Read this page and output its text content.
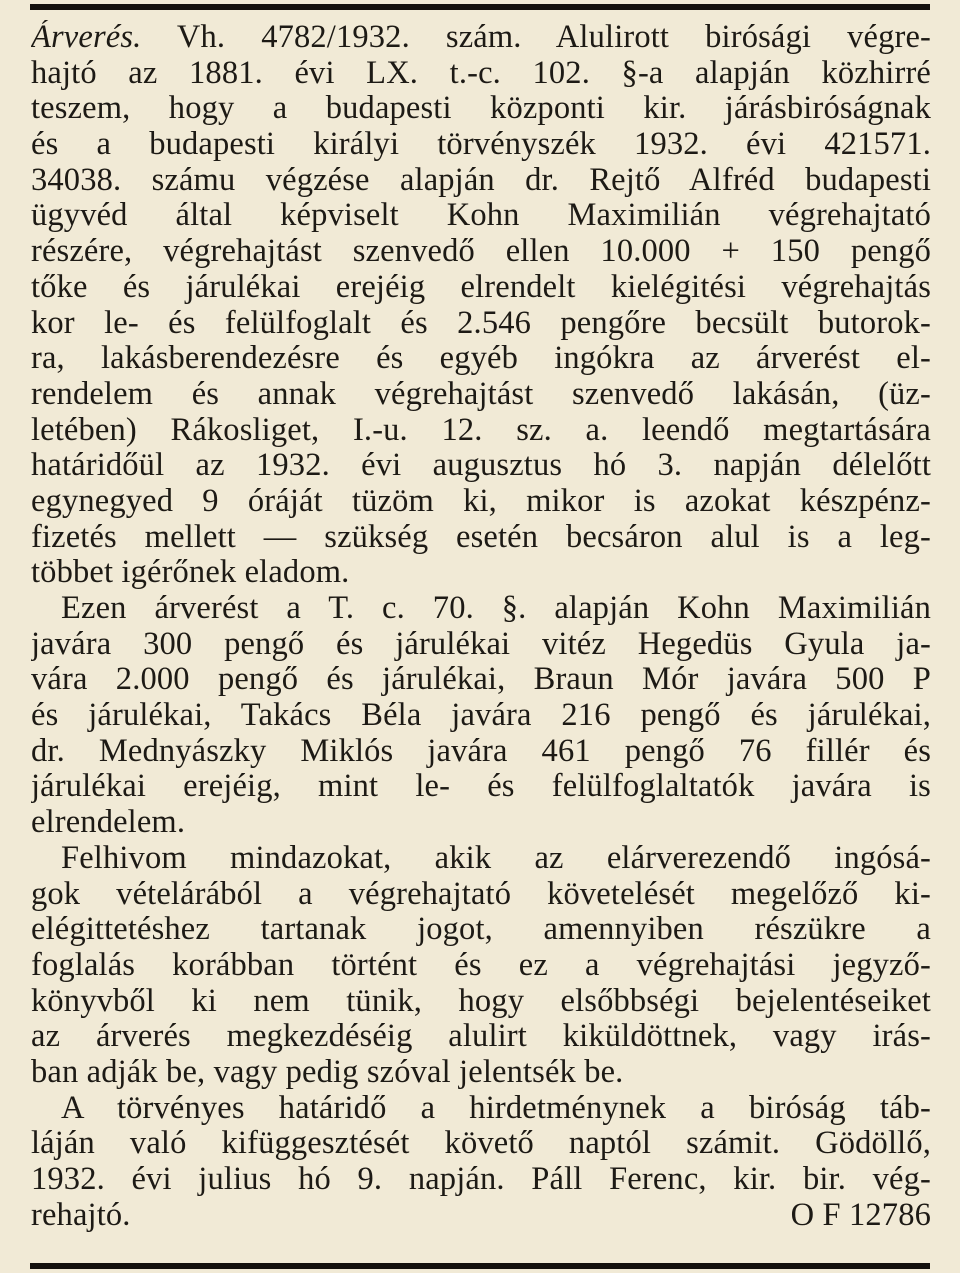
Árverés. Vh. 4782/1932. szám. Alulirott birósági végre-
hajtó az 1881. évi LX. t.-c. 102. §-a alapján közhirré
teszem, hogy a budapesti központi kir. járásbiróságnak
és a budapesti királyi törvényszék 1932. évi 421571.
34038. számu végzése alapján dr. Rejtő Alfréd budapesti
ügyvéd által képviselt Kohn Maximilián végrehajtató
részére, végrehajtást szenvedő ellen 10.000 + 150 pengő
tőke és járulékai erejéig elrendelt kielégitési végrehajtás
kor le- és felülfoglalt és 2.546 pengőre becsült butorok-
ra, lakásberendezésre és egyéb ingókra az árverést el-
rendelem és annak végrehajtást szenvedő lakásán, (üz-
letében) Rákosliget, I.-u. 12. sz. a. leendő megtartására
határidőül az 1932. évi augusztus hó 3. napján délelőtt
egynegyed 9 óráját tüzöm ki, mikor is azokat készpénz-
fizetés mellett — szükség esetén becsáron alul is a leg-
többet igérőnek eladom.
Ezen árverést a T. c. 70. §. alapján Kohn Maximilián
javára 300 pengő és járulékai vitéz Hegedüs Gyula ja-
vára 2.000 pengő és járulékai, Braun Mór javára 500 P
és járulékai, Takács Béla javára 216 pengő és járulékai,
dr. Mednyászky Miklós javára 461 pengő 76 fillér és
járulékai erejéig, mint le- és felülfoglaltatók javára is
elrendelem.
Felhivom mindazokat, akik az elárverezendő ingósá-
gok vételárából a végrehajtató követelését megelőző ki-
elégittetéshez tartanak jogot, amennyiben részükre a
foglalás korábban történt és ez a végrehajtási jegyző-
könyvből ki nem tünik, hogy elsőbbségi bejelentéseiket
az árverés megkezdéséig alulirt kiküldöttnek, vagy irás-
ban adják be, vagy pedig szóval jelentsék be.
A törvényes határidő a hirdetménynek a biróság táb-
láján való kifüggesztését követő naptól számit. Gödöllő,
1932. évi julius hó 9. napján. Páll Ferenc, kir. bir. vég-
rehajtó.	O F 12786
